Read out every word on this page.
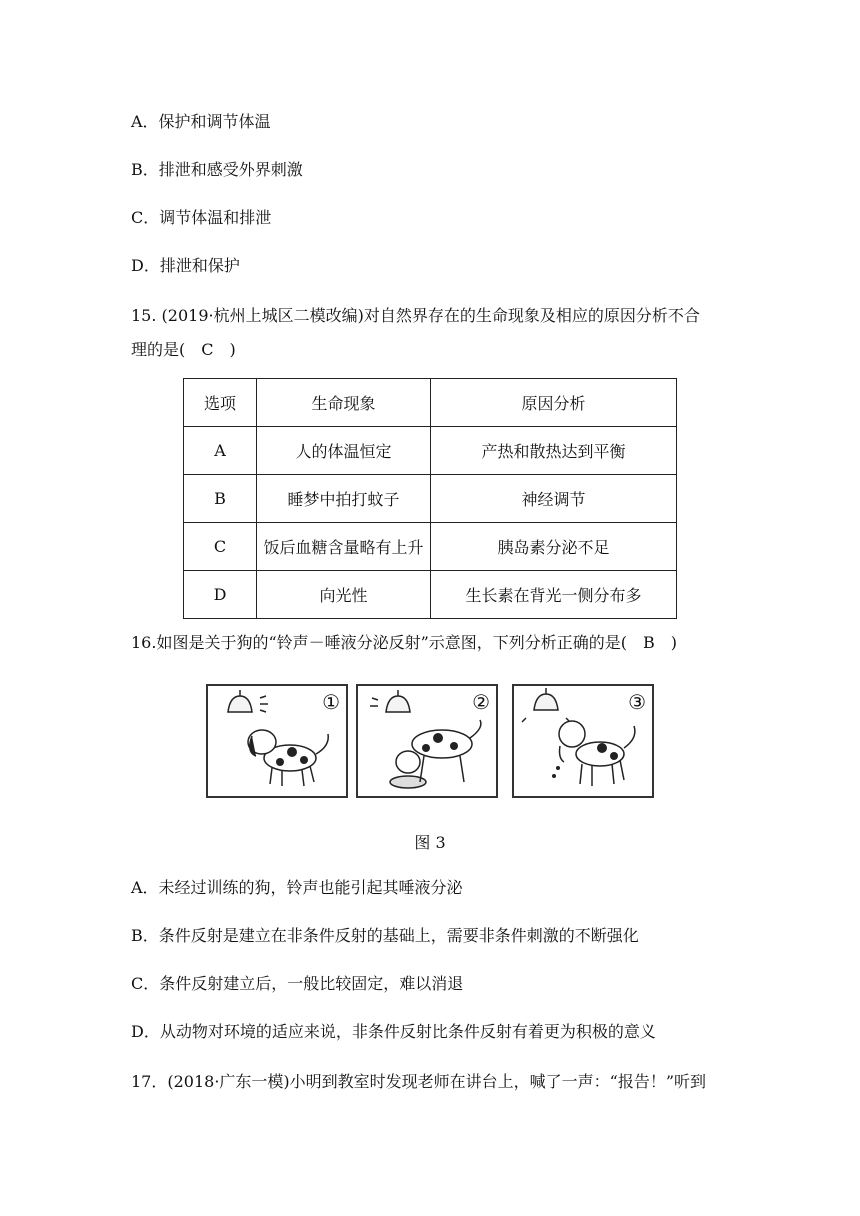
A．保护和调节体温
B．排泄和感受外界刺激
C．调节体温和排泄
D．排泄和保护
15. (2019·杭州上城区二模改编)对自然界存在的生命现象及相应的原因分析不合
理的是(　C　)
选项	生命现象	原因分析
A	人的体温恒定	产热和散热达到平衡
B	睡梦中拍打蚊子	神经调节
C	饭后血糖含量略有上升	胰岛素分泌不足
D	向光性	生长素在背光一侧分布多
16.如图是关于狗的“铃声－唾液分泌反射”示意图，下列分析正确的是(　B　)
①	②	③
图 3
A．未经过训练的狗，铃声也能引起其唾液分泌
B．条件反射是建立在非条件反射的基础上，需要非条件刺激的不断强化
C．条件反射建立后，一般比较固定，难以消退
D．从动物对环境的适应来说，非条件反射比条件反射有着更为积极的意义
17．(2018·广东一模)小明到教室时发现老师在讲台上，喊了一声：“报告！”听到
